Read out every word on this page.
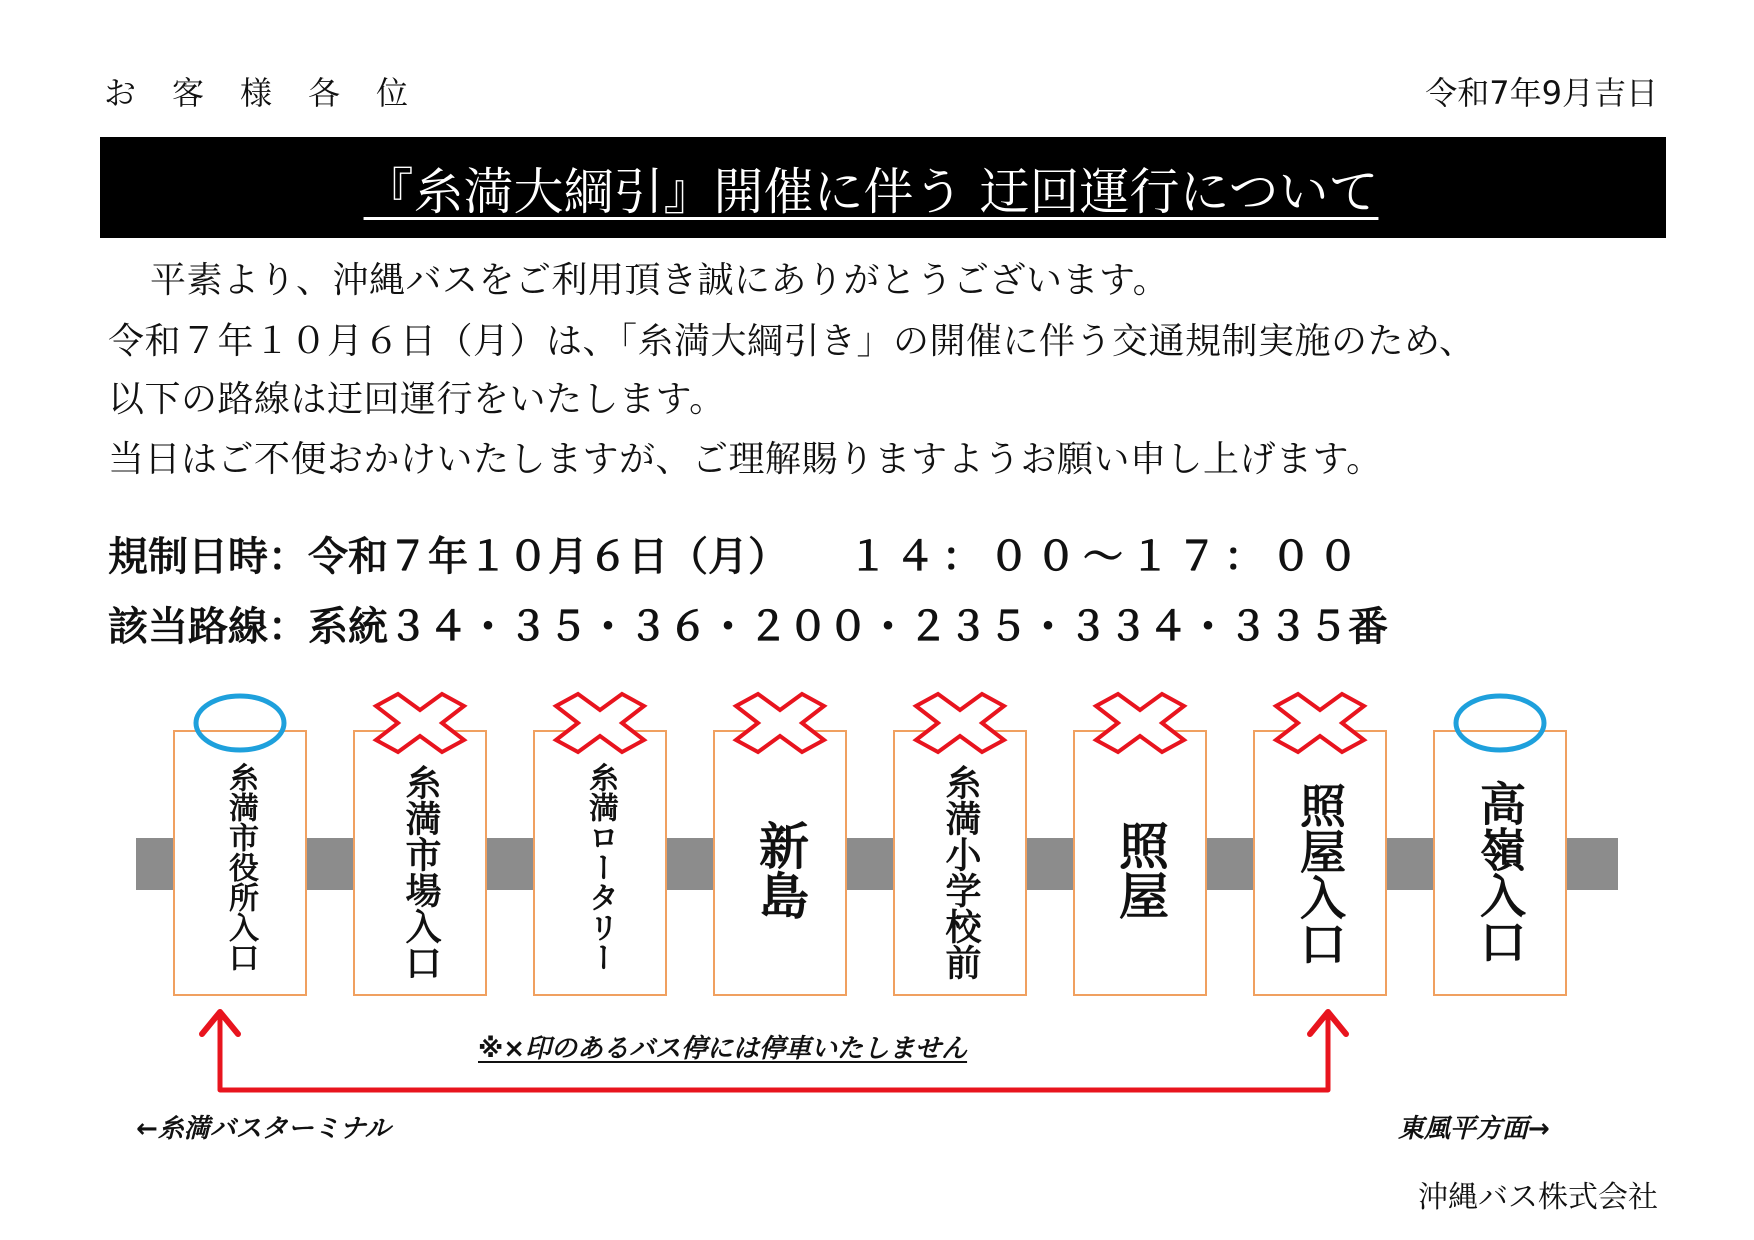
お客様各位	令和7年9月吉日
『糸満大綱引』開催に伴う 迂回運行について
平素より、沖縄バスをご利用頂き誠にありがとうございます。
令和７年１０月６日（月）は、「糸満大綱引き」の開催に伴う交通規制実施のため、
以下の路線は迂回運行をいたします。
当日はご不便おかけいたしますが、ご理解賜りますようお願い申し上げます。
規制日時：令和７年１０月６日（月） １４：００～１７：００
該当路線：系統３４・３５・３６・２００・２３５・３３４・３３５番
糸満市役所入口	糸満市場入口	糸満ロータリー	新島	糸満小学校前	照屋	照屋入口	高嶺入口
※×印のあるバス停には停車いたしません
←糸満バスターミナル	東風平方面→
沖縄バス株式会社
